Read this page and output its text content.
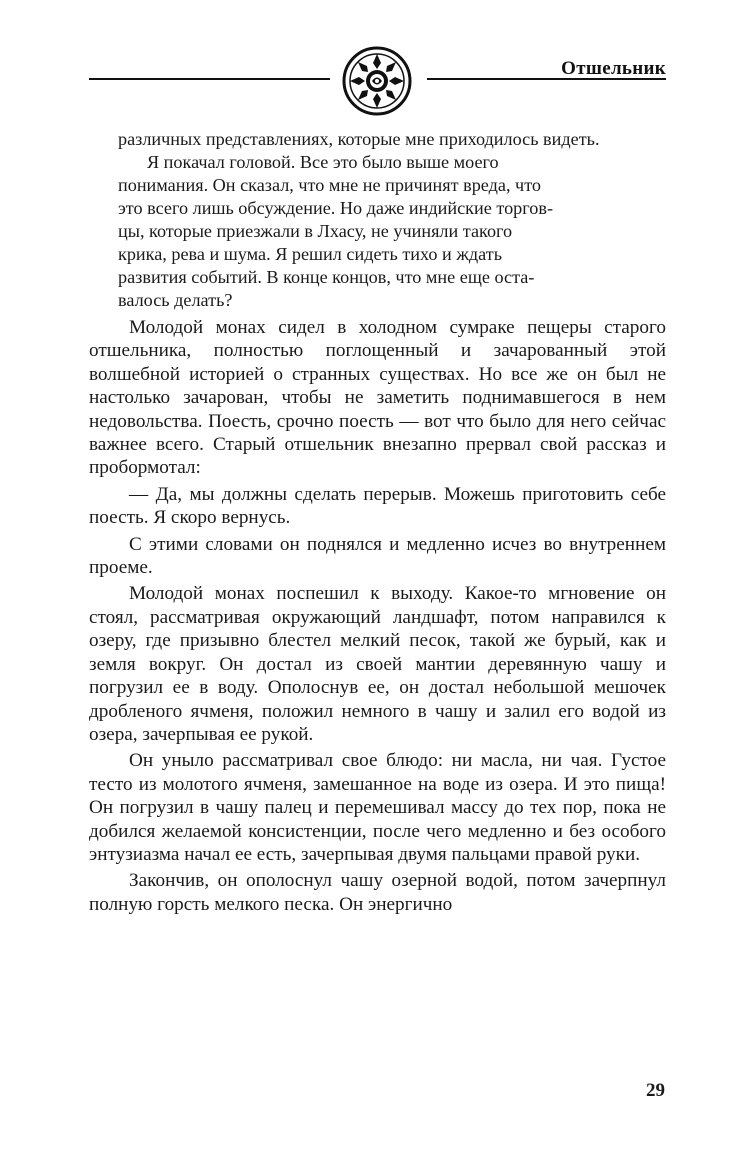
Отшельник

различных представлениях, которые мне приходилось видеть.

Я покачал головой. Все это было выше моего
понимания. Он сказал, что мне не причинят вреда, что
это всего лишь обсуждение. Но даже индийские торгов-
цы, которые приезжали в Лхасу, не учиняли такого
крика, рева и шума. Я решил сидеть тихо и ждать
развития событий. В конце концов, что мне еще оста-
валось делать?

Молодой монах сидел в холодном сумраке пещеры старого отшельника, полностью поглощенный и зачарованный этой волшебной историей о странных существах. Но все же он был не настолько зачарован, чтобы не заметить поднимавшегося в нем недовольства. Поесть, срочно поесть — вот что было для него сейчас важнее всего. Старый отшельник внезапно прервал свой рассказ и пробормотал:

— Да, мы должны сделать перерыв. Можешь приготовить себе поесть. Я скоро вернусь.

С этими словами он поднялся и медленно исчез во внутреннем проеме.

Молодой монах поспешил к выходу. Какое-то мгновение он стоял, рассматривая окружающий ландшафт, потом направился к озеру, где призывно блестел мелкий песок, такой же бурый, как и земля вокруг. Он достал из своей мантии деревянную чашу и погрузил ее в воду. Ополоснув ее, он достал небольшой мешочек дробленого ячменя, положил немного в чашу и залил его водой из озера, зачерпывая ее рукой.

Он уныло рассматривал свое блюдо: ни масла, ни чая. Густое тесто из молотого ячменя, замешанное на воде из озера. И это пища! Он погрузил в чашу палец и перемешивал массу до тех пор, пока не добился желаемой консистенции, после чего медленно и без особого энтузиазма начал ее есть, зачерпывая двумя пальцами правой руки.

Закончив, он ополоснул чашу озерной водой, потом зачерпнул полную горсть мелкого песка. Он энергично

29
